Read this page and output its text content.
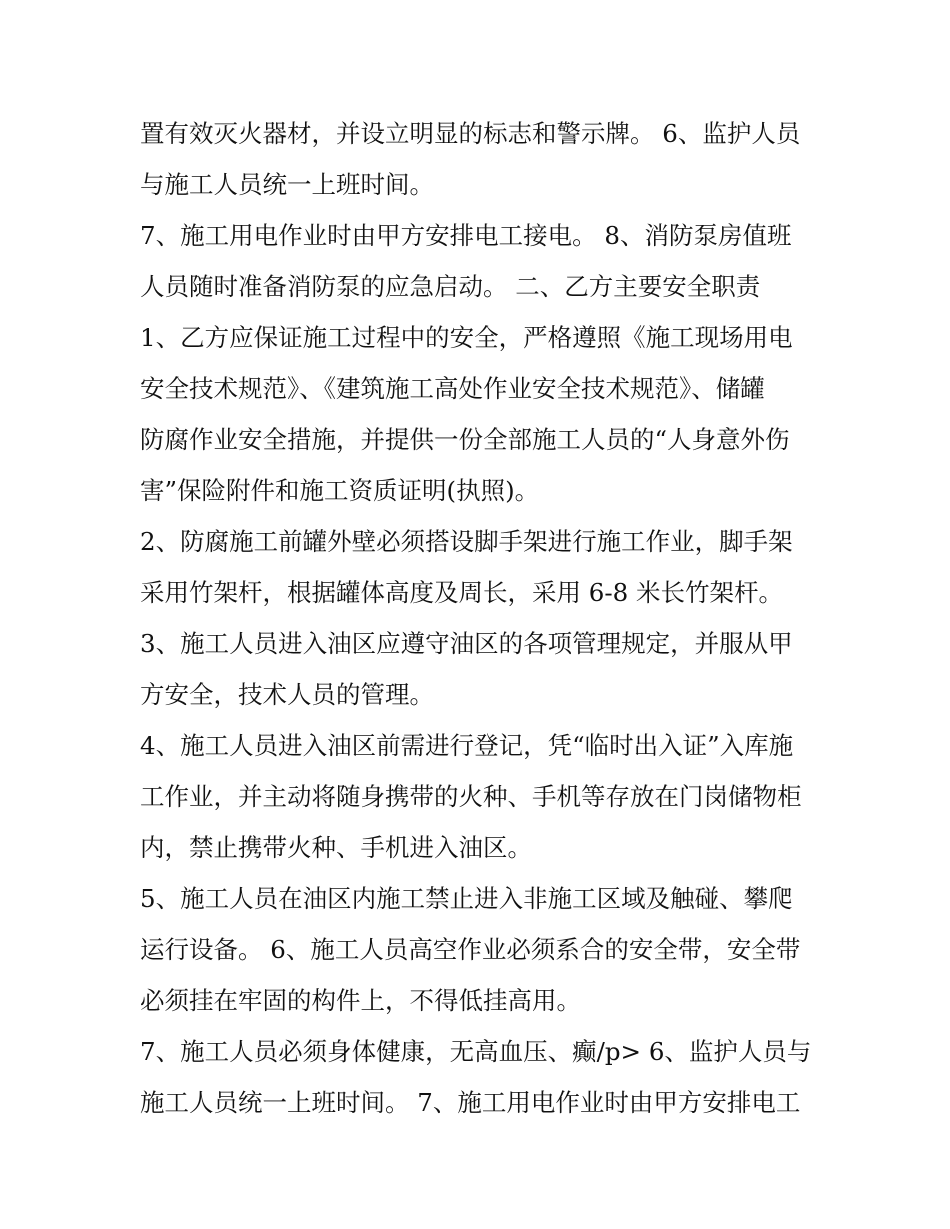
置有效灭火器材，并设立明显的标志和警示牌。 6、监护人员
与施工人员统一上班时间。
7、施工用电作业时由甲方安排电工接电。 8、消防泵房值班
人员随时准备消防泵的应急启动。 二、乙方主要安全职责
1、乙方应保证施工过程中的安全，严格遵照《施工现场用电
安全技术规范》、《建筑施工高处作业安全技术规范》、储罐
防腐作业安全措施，并提供一份全部施工人员的“人身意外伤
害”保险附件和施工资质证明(执照)。
2、防腐施工前罐外壁必须搭设脚手架进行施工作业，脚手架
采用竹架杆，根据罐体高度及周长，采用 6-8 米长竹架杆。
3、施工人员进入油区应遵守油区的各项管理规定，并服从甲
方安全，技术人员的管理。
4、施工人员进入油区前需进行登记，凭“临时出入证”入库施
工作业，并主动将随身携带的火种、手机等存放在门岗储物柜
内，禁止携带火种、手机进入油区。
5、施工人员在油区内施工禁止进入非施工区域及触碰、攀爬
运行设备。 6、施工人员高空作业必须系合的安全带，安全带
必须挂在牢固的构件上，不得低挂高用。
7、施工人员必须身体健康，无高血压、癫/p> 6、监护人员与
施工人员统一上班时间。 7、施工用电作业时由甲方安排电工
